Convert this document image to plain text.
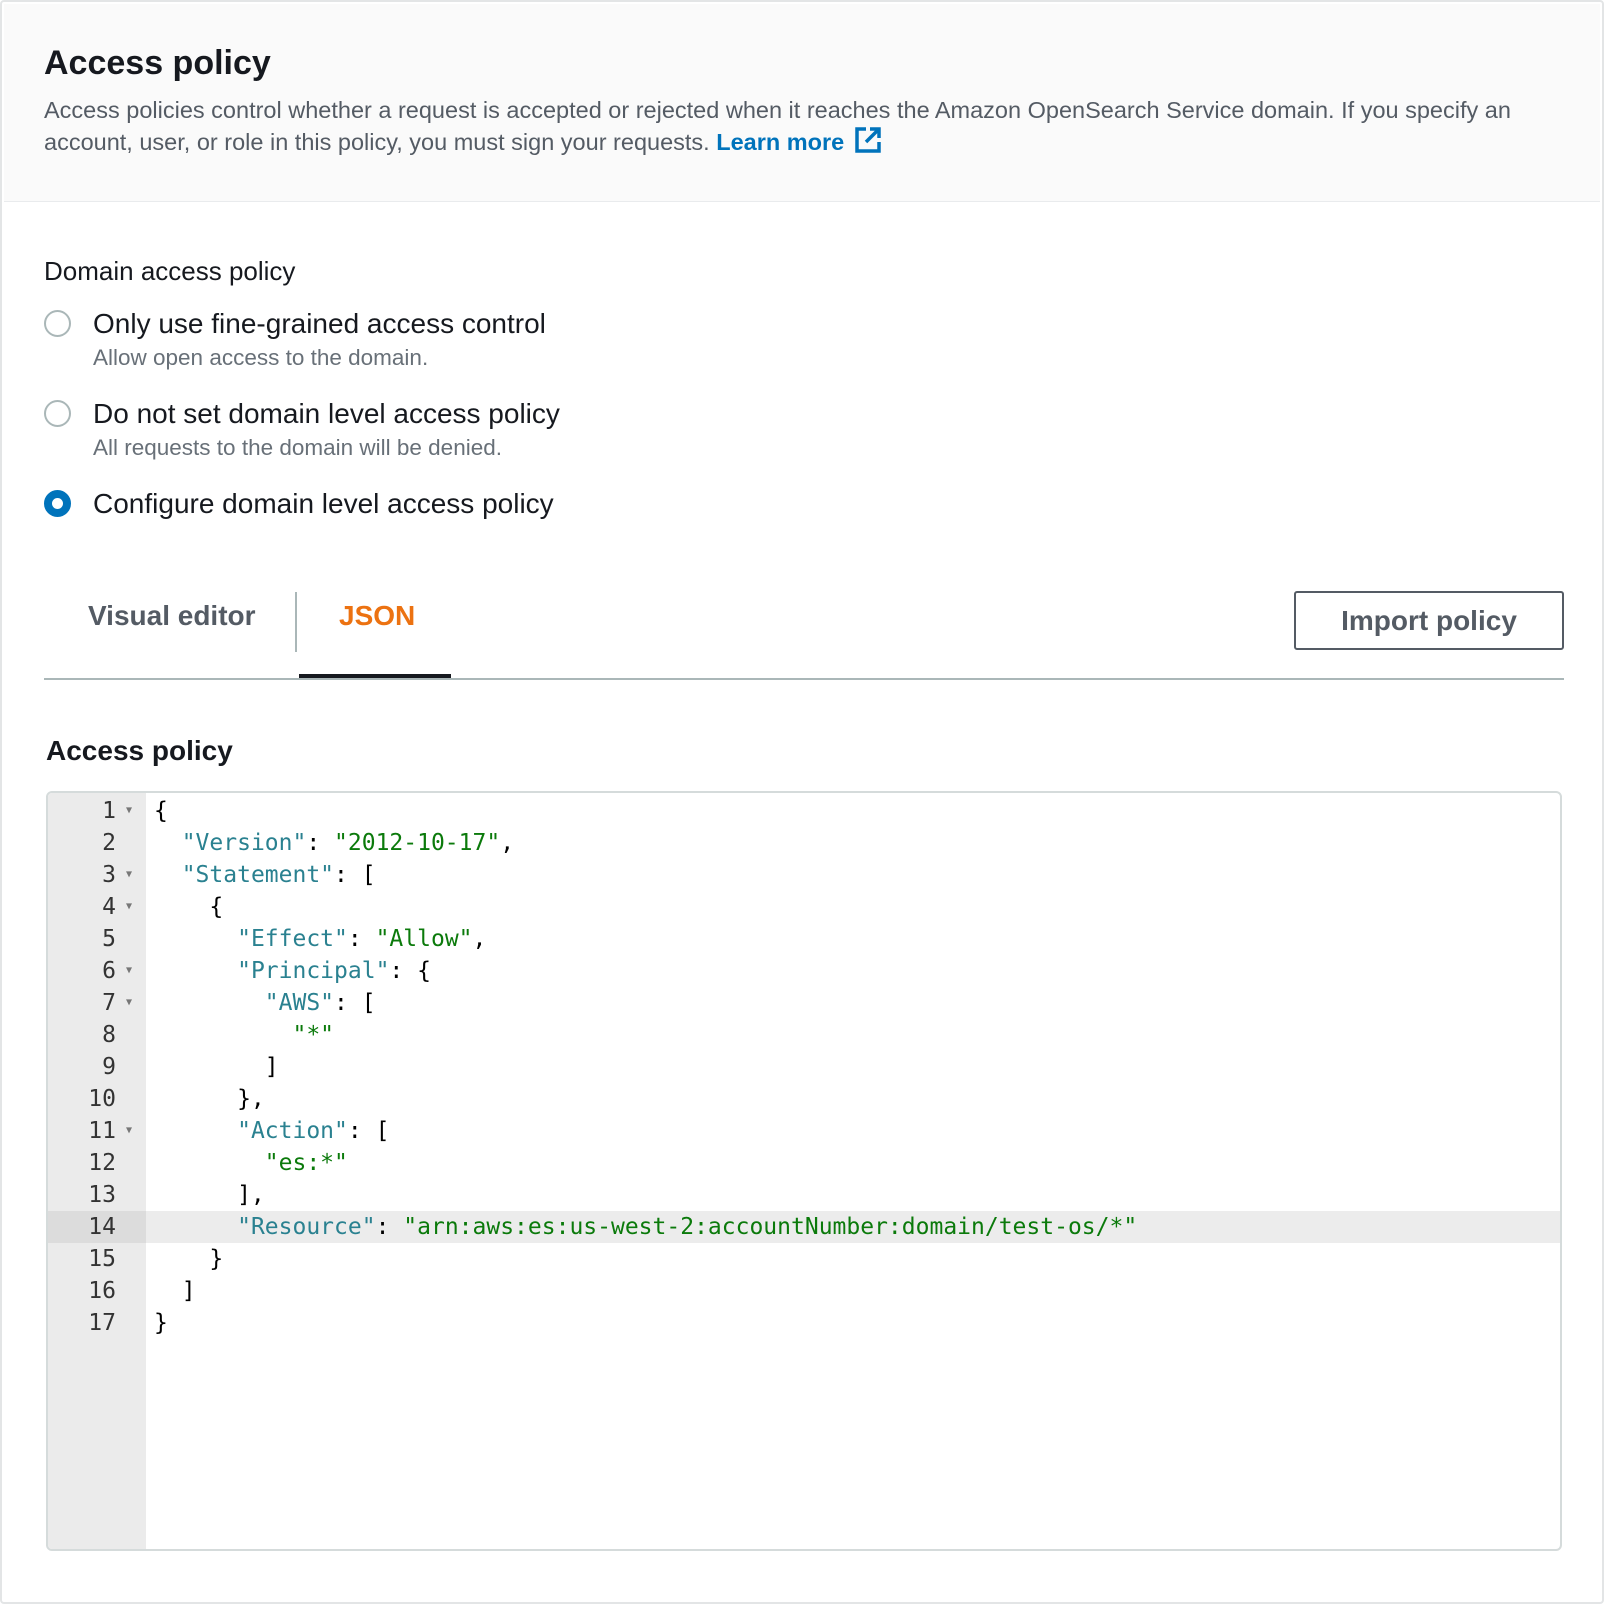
Access policy
Access policies control whether a request is accepted or rejected when it reaches the Amazon OpenSearch Service domain. If you specify an account, user, or role in this policy, you must sign your requests. Learn more
Domain access policy
Only use fine-grained access control
Allow open access to the domain.
Do not set domain level access policy
All requests to the domain will be denied.
Configure domain level access policy
Visual editor	JSON	Import policy
Access policy
1	▼ {
2	"Version": "2012-10-17",
3	▼	"Statement": [
4	▼ {
5	"Effect": "Allow",
6	▼	"Principal": {
7	▼	"AWS": [
8	"*"
9	]
10	},
11	▼	"Action": [
12	"es:*"
13	],
14	"Resource": "arn:aws:es:us-west-2:accountNumber:domain/test-os/*"
15	}
16	]
17	}
